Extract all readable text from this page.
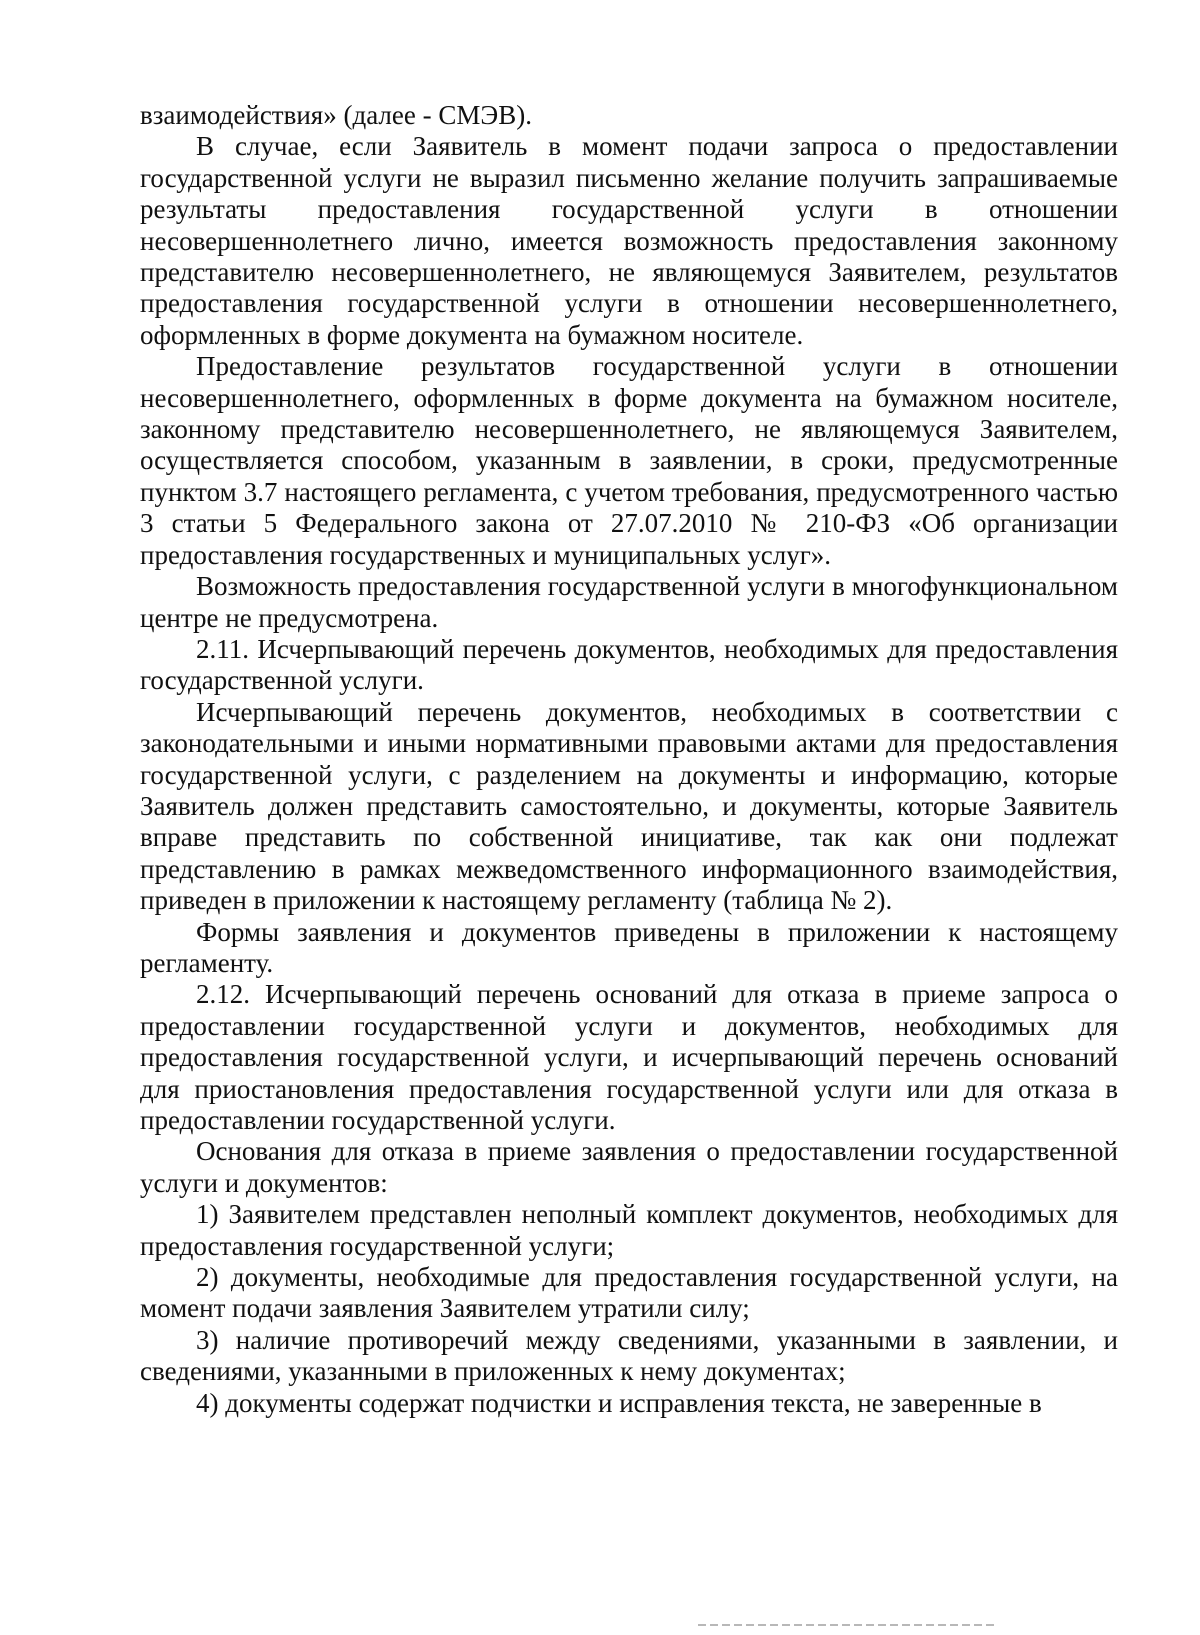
взаимодействия» (далее - СМЭВ).

В случае, если Заявитель в момент подачи запроса о предоставлении государственной услуги не выразил письменно желание получить запрашиваемые результаты предоставления государственной услуги в отношении несовершеннолетнего лично, имеется возможность предоставления законному представителю несовершеннолетнего, не являющемуся Заявителем, результатов предоставления государственной услуги в отношении несовершеннолетнего, оформленных в форме документа на бумажном носителе.

Предоставление результатов государственной услуги в отношении несовершеннолетнего, оформленных в форме документа на бумажном носителе, законному представителю несовершеннолетнего, не являющемуся Заявителем, осуществляется способом, указанным в заявлении, в сроки, предусмотренные пунктом 3.7 настоящего регламента, с учетом требования, предусмотренного частью 3 статьи 5 Федерального закона от 27.07.2010 № 210-ФЗ «Об организации предоставления государственных и муниципальных услуг».

Возможность предоставления государственной услуги в многофункциональном центре не предусмотрена.

2.11. Исчерпывающий перечень документов, необходимых для предоставления государственной услуги.

Исчерпывающий перечень документов, необходимых в соответствии с законодательными и иными нормативными правовыми актами для предоставления государственной услуги, с разделением на документы и информацию, которые Заявитель должен представить самостоятельно, и документы, которые Заявитель вправе представить по собственной инициативе, так как они подлежат представлению в рамках межведомственного информационного взаимодействия, приведен в приложении к настоящему регламенту (таблица № 2).

Формы заявления и документов приведены в приложении к настоящему регламенту.

2.12. Исчерпывающий перечень оснований для отказа в приеме запроса о предоставлении государственной услуги и документов, необходимых для предоставления государственной услуги, и исчерпывающий перечень оснований для приостановления предоставления государственной услуги или для отказа в предоставлении государственной услуги.

Основания для отказа в приеме заявления о предоставлении государственной услуги и документов:

1) Заявителем представлен неполный комплект документов, необходимых для предоставления государственной услуги;

2) документы, необходимые для предоставления государственной услуги, на момент подачи заявления Заявителем утратили силу;

3) наличие противоречий между сведениями, указанными в заявлении, и сведениями, указанными в приложенных к нему документах;

4) документы содержат подчистки и исправления текста, не заверенные в
